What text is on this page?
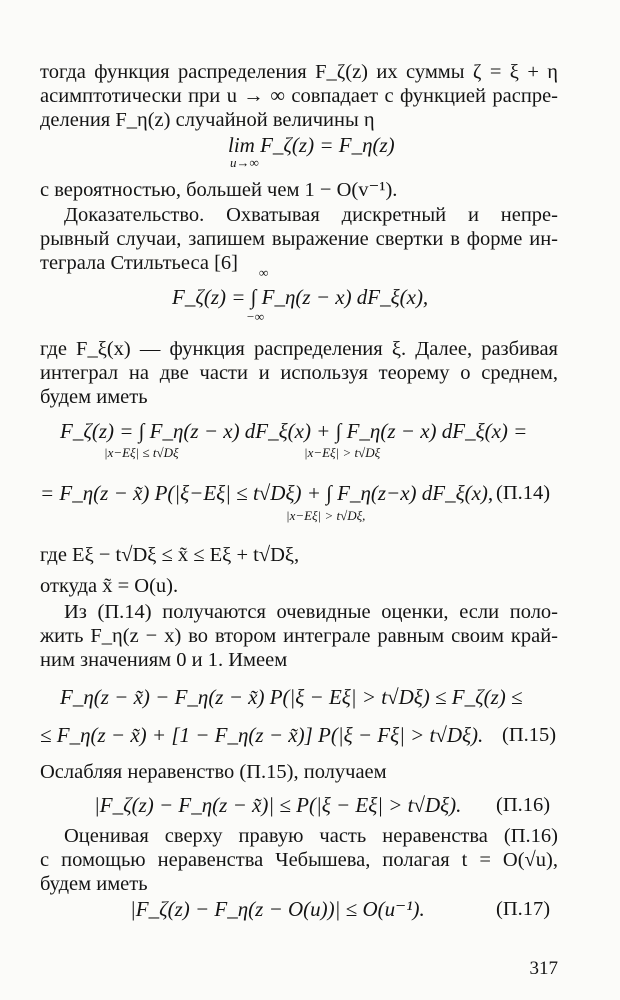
тогда функция распределения F_ζ(z) их суммы ζ = ξ + η
асимптотически при u → ∞ совпадает с функцией распре-
деления F_η(z) случайной величины η
lim F_ζ(z) = F_η(z)
u→∞
с вероятностью, большей чем 1 − O(v⁻¹).
Доказательство. Охватывая дискретный и непре-
рывный случаи, запишем выражение свертки в форме ин-
теграла Стильтьеса [6] ∞
F_ζ(z) = ∫ F_η(z − x) dF_ξ(x),
−∞
где F_ξ(x) — функция распределения ξ. Далее, разбивая
интеграл на две части и используя теорему о среднем,
будем иметь
F_ζ(z) = ∫ F_η(z − x) dF_ξ(x) + ∫ F_η(z − x) dF_ξ(x) =
|x−Eξ| ≤ t√Dξ	|x−Eξ| > t√Dξ
= F_η(z − x̃) P(|ξ−Eξ| ≤ t√Dξ) + ∫ F_η(z−x) dF_ξ(x), (П.14)
|x−Eξ| > t√Dξ,
где Eξ − t√Dξ ≤ x̃ ≤ Eξ + t√Dξ,
откуда x̃ = O(u).
Из (П.14) получаются очевидные оценки, если поло-
жить F_η(z − x) во втором интеграле равным своим край-
ним значениям 0 и 1. Имеем
F_η(z − x̃) − F_η(z − x̃) P(|ξ − Eξ| > t√Dξ) ≤ F_ζ(z) ≤
≤ F_η(z − x̃) + [1 − F_η(z − x̃)] P(|ξ − Fξ| > t√Dξ). (П.15)
Ослабляя неравенство (П.15), получаем
|F_ζ(z) − F_η(z − x̃)| ≤ P(|ξ − Eξ| > t√Dξ). (П.16)
Оценивая сверху правую часть неравенства (П.16)
с помощью неравенства Чебышева, полагая t = O(√u),
будем иметь
|F_ζ(z) − F_η(z − O(u))| ≤ O(u⁻¹).	(П.17)
317
